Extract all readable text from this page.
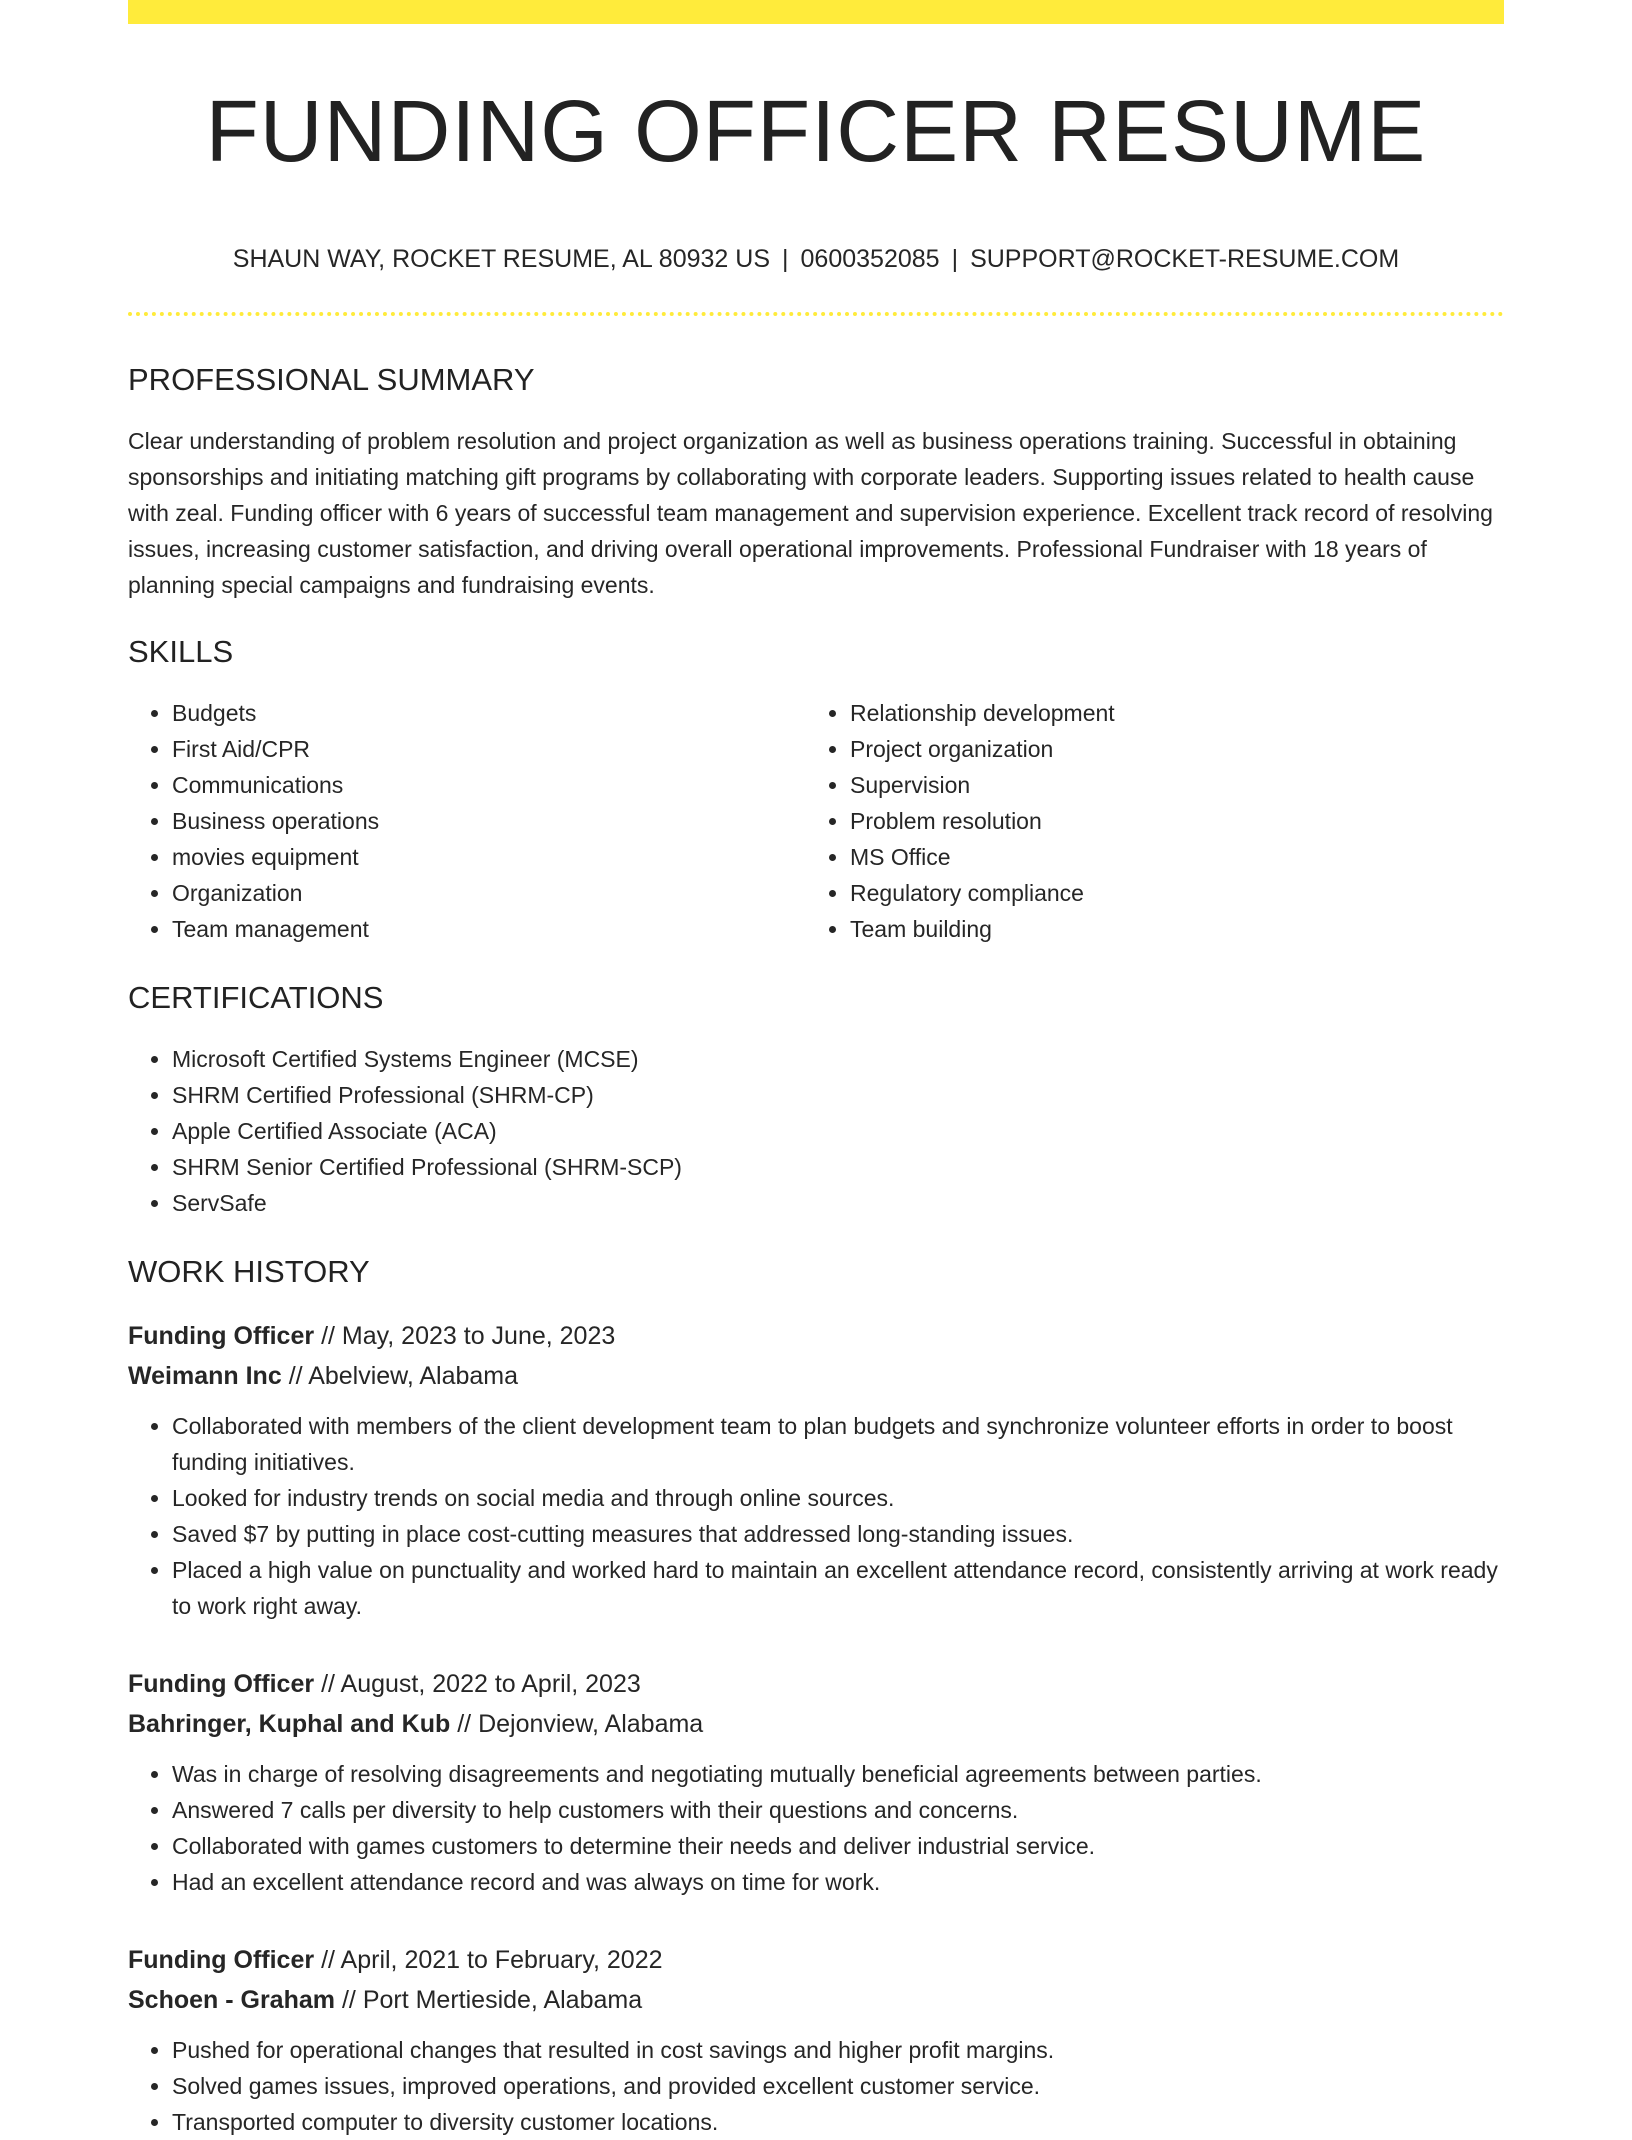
FUNDING OFFICER RESUME
SHAUN WAY, ROCKET RESUME, AL 80932 US | 0600352085 | SUPPORT@ROCKET-RESUME.COM
PROFESSIONAL SUMMARY

Clear understanding of problem resolution and project organization as well as business operations training. Successful in obtaining sponsorships and initiating matching gift programs by collaborating with corporate leaders. Supporting issues related to health cause with zeal. Funding officer with 6 years of successful team management and supervision experience. Excellent track record of resolving issues, increasing customer satisfaction, and driving overall operational improvements. Professional Fundraiser with 18 years of planning special campaigns and fundraising events.

SKILLS
• Budgets
• First Aid/CPR
• Communications
• Business operations
• movies equipment
• Organization
• Team management
• Relationship development
• Project organization
• Supervision
• Problem resolution
• MS Office
• Regulatory compliance
• Team building
CERTIFICATIONS
• Microsoft Certified Systems Engineer (MCSE)
• SHRM Certified Professional (SHRM-CP)
• Apple Certified Associate (ACA)
• SHRM Senior Certified Professional (SHRM-SCP)
• ServSafe
WORK HISTORY
Funding Officer // May, 2023 to June, 2023
Weimann Inc // Abelview, Alabama
• Collaborated with members of the client development team to plan budgets and synchronize volunteer efforts in order to boost funding initiatives.
• Looked for industry trends on social media and through online sources.
• Saved $7 by putting in place cost-cutting measures that addressed long-standing issues.
• Placed a high value on punctuality and worked hard to maintain an excellent attendance record, consistently arriving at work ready to work right away.
Funding Officer // August, 2022 to April, 2023
Bahringer, Kuphal and Kub // Dejonview, Alabama
• Was in charge of resolving disagreements and negotiating mutually beneficial agreements between parties.
• Answered 7 calls per diversity to help customers with their questions and concerns.
• Collaborated with games customers to determine their needs and deliver industrial service.
• Had an excellent attendance record and was always on time for work.
Funding Officer // April, 2021 to February, 2022
Schoen - Graham // Port Mertieside, Alabama
• Pushed for operational changes that resulted in cost savings and higher profit margins.
• Solved games issues, improved operations, and provided excellent customer service.
• Transported computer to diversity customer locations.
